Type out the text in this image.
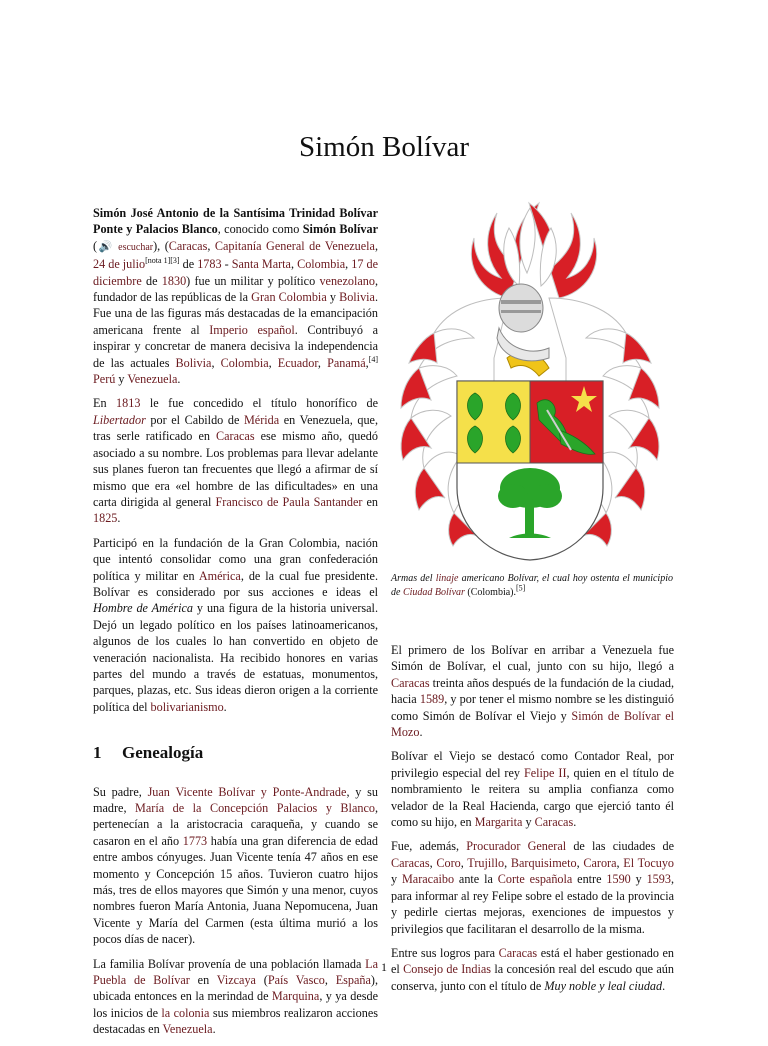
Simón Bolívar

Simón José Antonio de la Santísima Trinidad Bolívar Ponte y Palacios Blanco, conocido como Simón Bolívar (🔊 escuchar), (Caracas, Capitanía General de Venezuela, 24 de julio[nota 1][3] de 1783 - Santa Marta, Colombia, 17 de diciembre de 1830) fue un militar y político venezolano, fundador de las repúblicas de la Gran Colombia y Bolivia. Fue una de las figuras más destacadas de la emancipación americana frente al Imperio español. Contribuyó a inspirar y concretar de manera decisiva la independencia de las actuales Bolivia, Colombia, Ecuador, Panamá,[4] Perú y Venezuela.

En 1813 le fue concedido el título honorífico de Libertador por el Cabildo de Mérida en Venezuela, que, tras serle ratificado en Caracas ese mismo año, quedó asociado a su nombre. Los problemas para llevar adelante sus planes fueron tan frecuentes que llegó a afirmar de sí mismo que era «el hombre de las dificultades» en una carta dirigida al general Francisco de Paula Santander en 1825.

Participó en la fundación de la Gran Colombia, nación que intentó consolidar como una gran confederación política y militar en América, de la cual fue presidente. Bolívar es considerado por sus acciones e ideas el Hombre de América y una figura de la historia universal. Dejó un legado político en los países latinoamericanos, algunos de los cuales lo han convertido en objeto de veneración nacionalista. Ha recibido honores en varias partes del mundo a través de estatuas, monumentos, parques, plazas, etc. Sus ideas dieron origen a la corriente política del bolivarianismo.

1 Genealogía

Su padre, Juan Vicente Bolívar y Ponte-Andrade, y su madre, María de la Concepción Palacios y Blanco, pertenecían a la aristocracia caraqueña, y cuando se casaron en el año 1773 había una gran diferencia de edad entre ambos cónyuges. Juan Vicente tenía 47 años en ese momento y Concepción 15 años. Tuvieron cuatro hijos más, tres de ellos mayores que Simón y una menor, cuyos nombres fueron María Antonia, Juana Nepomucena, Juan Vicente y María del Carmen (esta última murió a los pocos días de nacer).

La familia Bolívar provenía de una población llamada La Puebla de Bolívar en Vizcaya (País Vasco, España), ubicada entonces en la merindad de Marquina, y ya desde los inicios de la colonia sus miembros realizaron acciones destacadas en Venezuela.

Armas del linaje americano Bolívar, el cual hoy ostenta el municipio de Ciudad Bolívar (Colombia).[5]

El primero de los Bolívar en arribar a Venezuela fue Simón de Bolívar, el cual, junto con su hijo, llegó a Caracas treinta años después de la fundación de la ciudad, hacia 1589, y por tener el mismo nombre se les distinguió como Simón de Bolívar el Viejo y Simón de Bolívar el Mozo.

Bolívar el Viejo se destacó como Contador Real, por privilegio especial del rey Felipe II, quien en el título de nombramiento le reitera su amplia confianza como velador de la Real Hacienda, cargo que ejerció tanto él como su hijo, en Margarita y Caracas.

Fue, además, Procurador General de las ciudades de Caracas, Coro, Trujillo, Barquisimeto, Carora, El Tocuyo y Maracaibo ante la Corte española entre 1590 y 1593, para informar al rey Felipe sobre el estado de la provincia y pedirle ciertas mejoras, exenciones de impuestos y privilegios que facilitaran el desarrollo de la misma.

Entre sus logros para Caracas está el haber gestionado en el Consejo de Indias la concesión real del escudo que aún conserva, junto con el título de Muy noble y leal ciudad.

1
